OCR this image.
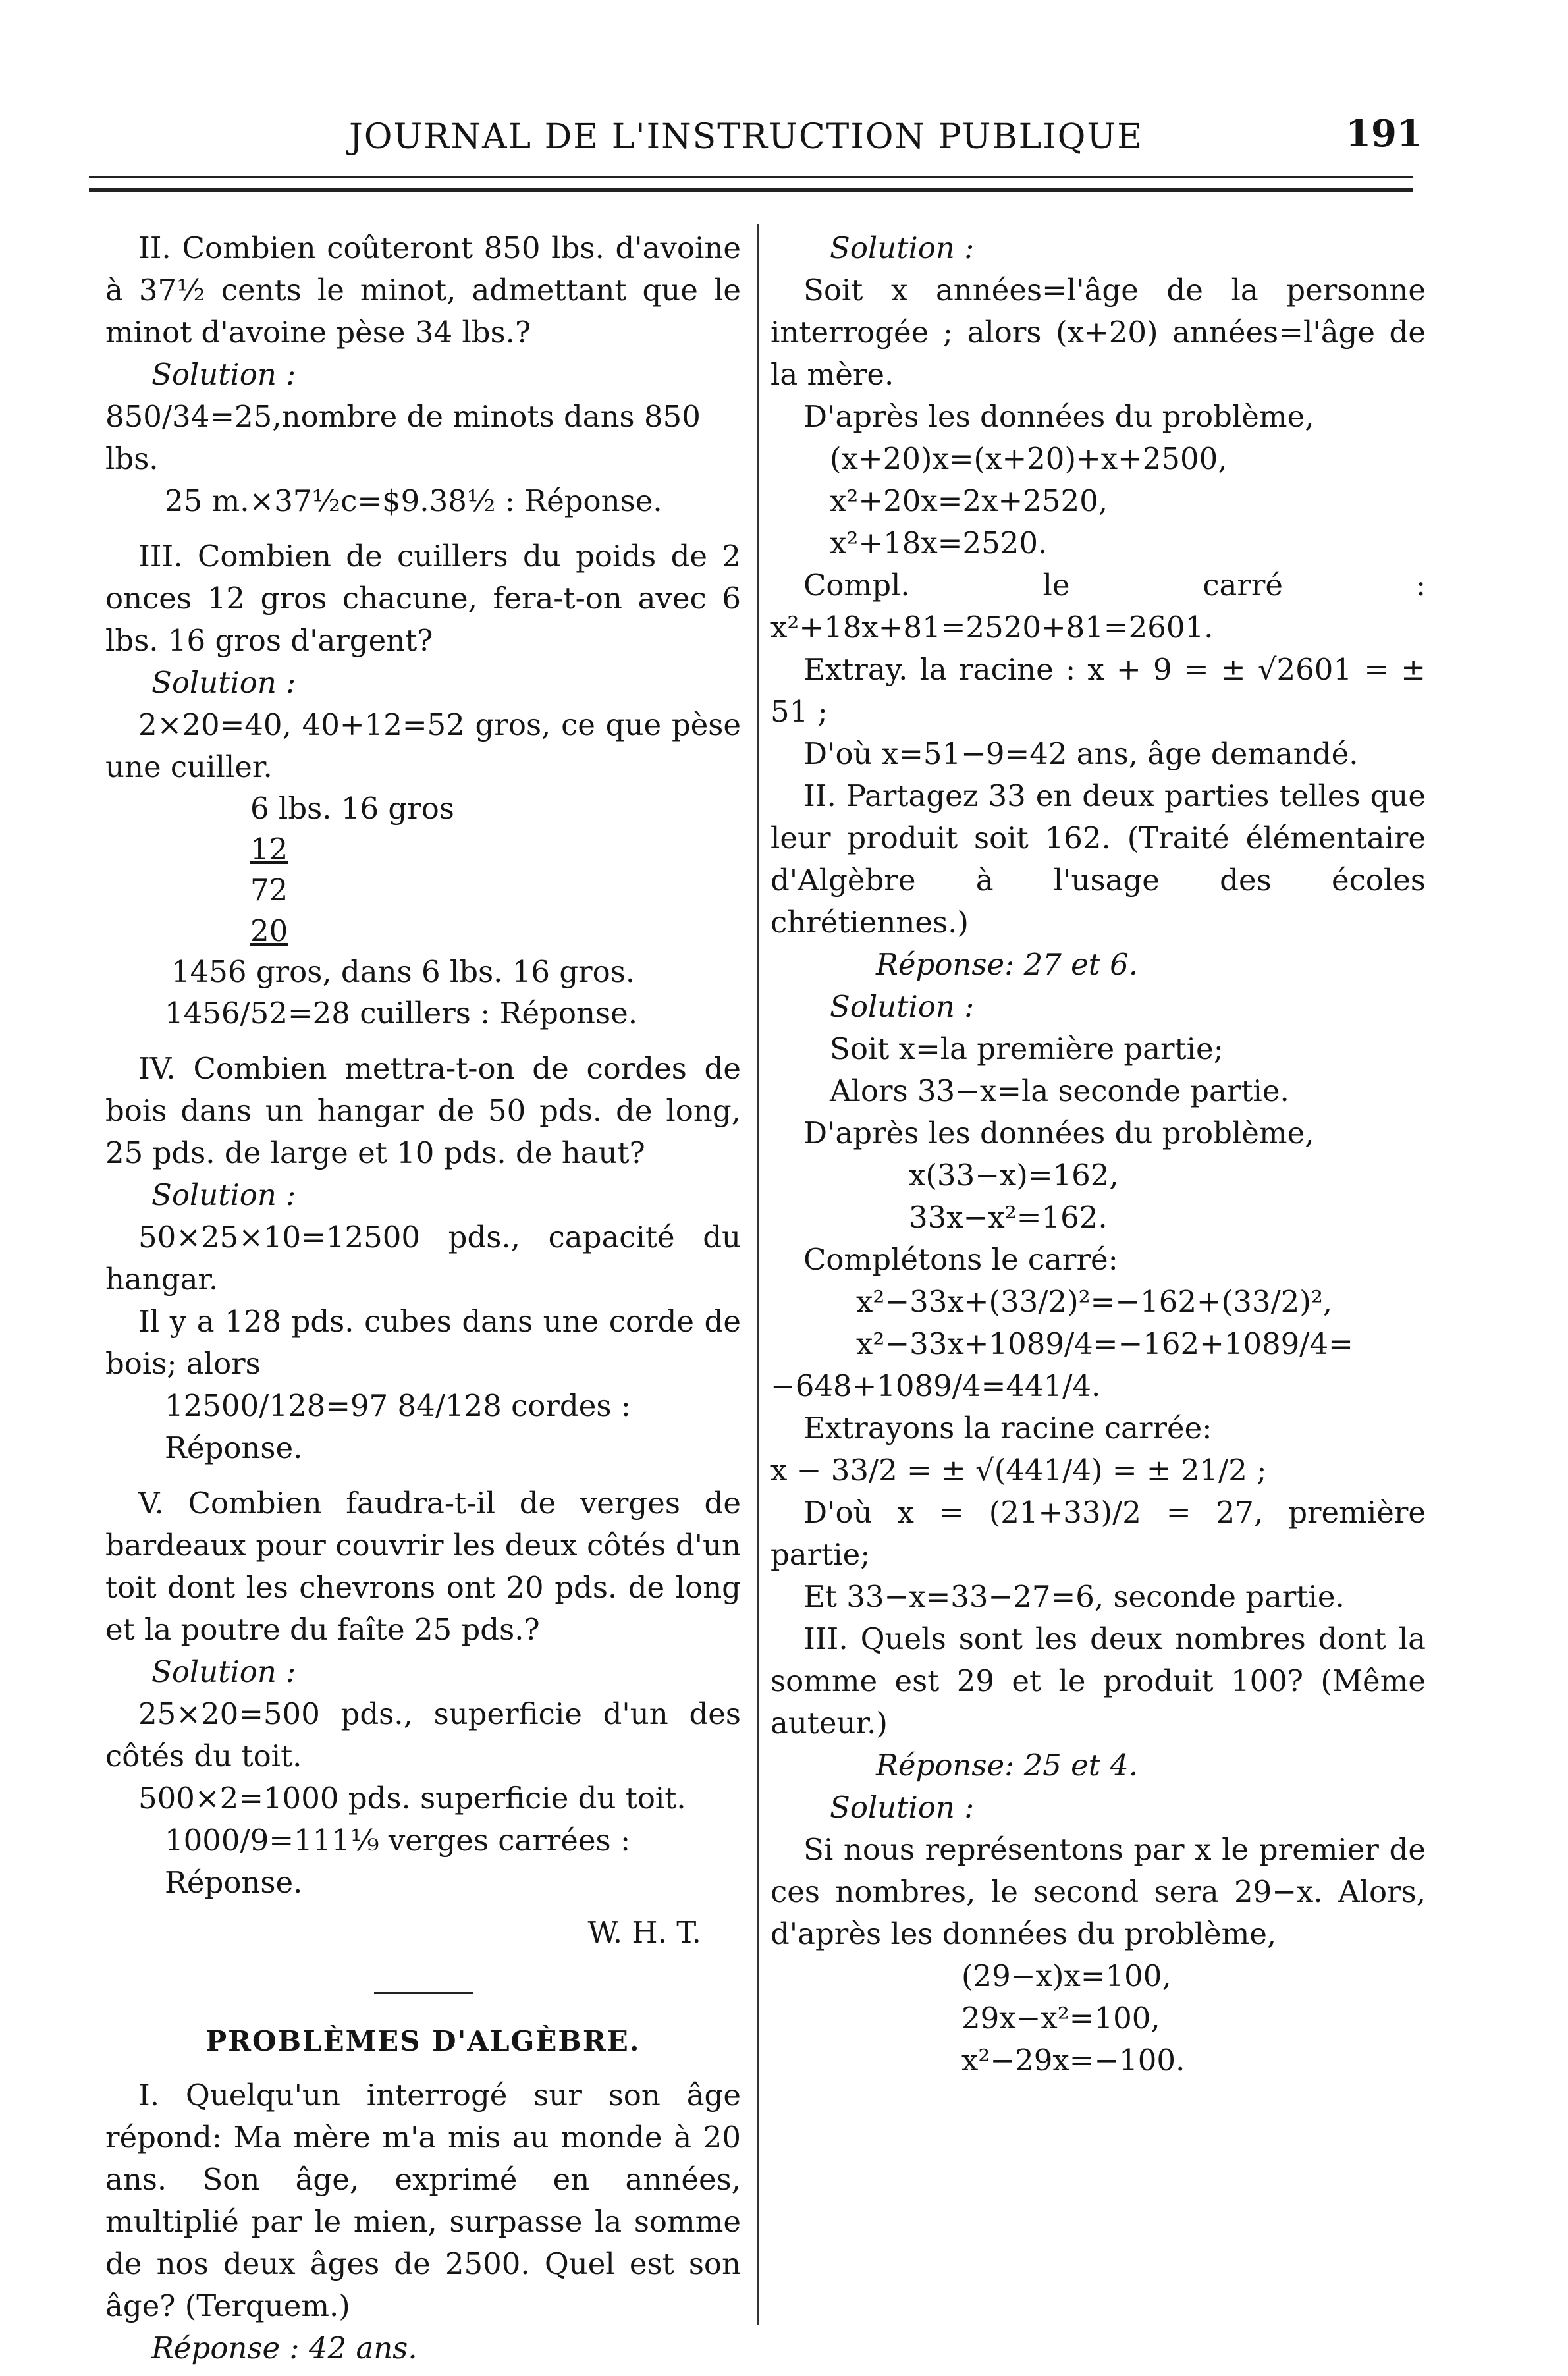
JOURNAL DE L'INSTRUCTION PUBLIQUE	191

II. Combien coûteront 850 lbs. d'avoine à 37½ cents le minot, admettant que le minot d'avoine pèse 34 lbs.?

Solution :

850/34=25,nombre de minots dans 850 lbs.

25 m.×37½c=$9.38½ : Réponse.

III. Combien de cuillers du poids de 2 onces 12 gros chacune, fera-t-on avec 6 lbs. 16 gros d'argent?

Solution :

2×20=40, 40+12=52 gros, ce que pèse une cuiller.

6 lbs. 16 gros

12

72

20

1456 gros, dans 6 lbs. 16 gros.

1456/52=28 cuillers : Réponse.

IV. Combien mettra-t-on de cordes de bois dans un hangar de 50 pds. de long, 25 pds. de large et 10 pds. de haut?

Solution :

50×25×10=12500 pds., capacité du hangar.

Il y a 128 pds. cubes dans une corde de bois; alors

12500/128=97 84/128 cordes : Réponse.

V. Combien faudra-t-il de verges de bardeaux pour couvrir les deux côtés d'un toit dont les chevrons ont 20 pds. de long et la poutre du faîte 25 pds.?

Solution :

25×20=500 pds., superficie d'un des côtés du toit.

500×2=1000 pds. superficie du toit.

1000/9=111⅑ verges carrées : Réponse.

W. H. T.

PROBLÈMES D'ALGÈBRE.

I. Quelqu'un interrogé sur son âge répond: Ma mère m'a mis au monde à 20 ans. Son âge, exprimé en années, multiplié par le mien, surpasse la somme de nos deux âges de 2500. Quel est son âge? (Terquem.)

Réponse : 42 ans.

Solution :

Soit x années=l'âge de la personne interrogée ; alors (x+20) années=l'âge de la mère.

D'après les données du problème,

(x+20)x=(x+20)+x+2500,

x²+20x=2x+2520,

x²+18x=2520.

Compl. le carré : x²+18x+81=2520+81=2601.

Extray. la racine : x + 9 = ± √2601 = ± 51 ;

D'où x=51−9=42 ans, âge demandé.

II. Partagez 33 en deux parties telles que leur produit soit 162. (Traité élémentaire d'Algèbre à l'usage des écoles chrétiennes.)

Réponse: 27 et 6.

Solution :

Soit x=la première partie;

Alors 33−x=la seconde partie.

D'après les données du problème,

x(33−x)=162,

33x−x²=162.

Complétons le carré:

x²−33x+(33/2)²=−162+(33/2)²,

x²−33x+1089/4=−162+1089/4=

−648+1089/4=441/4.

Extrayons la racine carrée:

x − 33/2 = ± √(441/4) = ± 21/2 ;

D'où x = (21+33)/2 = 27, première partie;

Et 33−x=33−27=6, seconde partie.

III. Quels sont les deux nombres dont la somme est 29 et le produit 100? (Même auteur.)

Réponse: 25 et 4.

Solution :

Si nous représentons par x le premier de ces nombres, le second sera 29−x. Alors, d'après les données du problème,

(29−x)x=100,

29x−x²=100,

x²−29x=−100.
